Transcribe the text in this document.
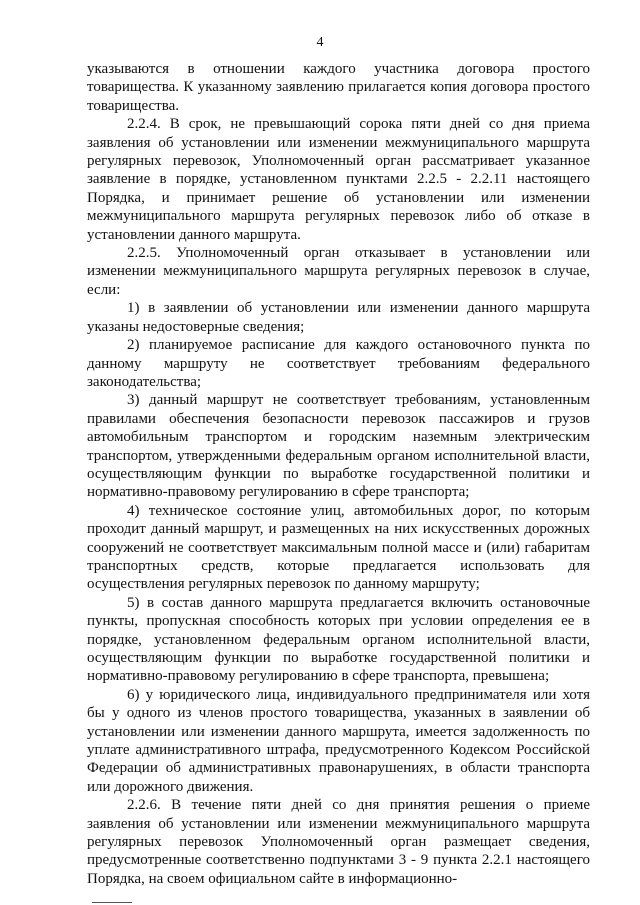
4

указываются в отношении каждого участника договора простого товарищества. К указанному заявлению прилагается копия договора простого товарищества.

2.2.4. В срок, не превышающий сорока пяти дней со дня приема заявления об установлении или изменении межмуниципального маршрута регулярных перевозок, Уполномоченный орган рассматривает указанное заявление в порядке, установленном пунктами 2.2.5 - 2.2.11 настоящего Порядка, и принимает решение об установлении или изменении межмуниципального маршрута регулярных перевозок либо об отказе в установлении данного маршрута.

2.2.5. Уполномоченный орган отказывает в установлении или изменении межмуниципального маршрута регулярных перевозок в случае, если:

1) в заявлении об установлении или изменении данного маршрута указаны недостоверные сведения;

2) планируемое расписание для каждого остановочного пункта по данному маршруту не соответствует требованиям федерального законодательства;

3) данный маршрут не соответствует требованиям, установленным правилами обеспечения безопасности перевозок пассажиров и грузов автомобильным транспортом и городским наземным электрическим транспортом, утвержденными федеральным органом исполнительной власти, осуществляющим функции по выработке государственной политики и нормативно-правовому регулированию в сфере транспорта;

4) техническое состояние улиц, автомобильных дорог, по которым проходит данный маршрут, и размещенных на них искусственных дорожных сооружений не соответствует максимальным полной массе и (или) габаритам транспортных средств, которые предлагается использовать для осуществления регулярных перевозок по данному маршруту;

5) в состав данного маршрута предлагается включить остановочные пункты, пропускная способность которых при условии определения ее в порядке, установленном федеральным органом исполнительной власти, осуществляющим функции по выработке государственной политики и нормативно-правовому регулированию в сфере транспорта, превышена;

6) у юридического лица, индивидуального предпринимателя или хотя бы у одного из членов простого товарищества, указанных в заявлении об установлении или изменении данного маршрута, имеется задолженность по уплате административного штрафа, предусмотренного Кодексом Российской Федерации об административных правонарушениях, в области транспорта или дорожного движения.

2.2.6. В течение пяти дней со дня принятия решения о приеме заявления об установлении или изменении межмуниципального маршрута регулярных перевозок Уполномоченный орган размещает сведения, предусмотренные соответственно подпунктами 3 - 9 пункта 2.2.1 настоящего Порядка, на своем официальном сайте в информационно-
